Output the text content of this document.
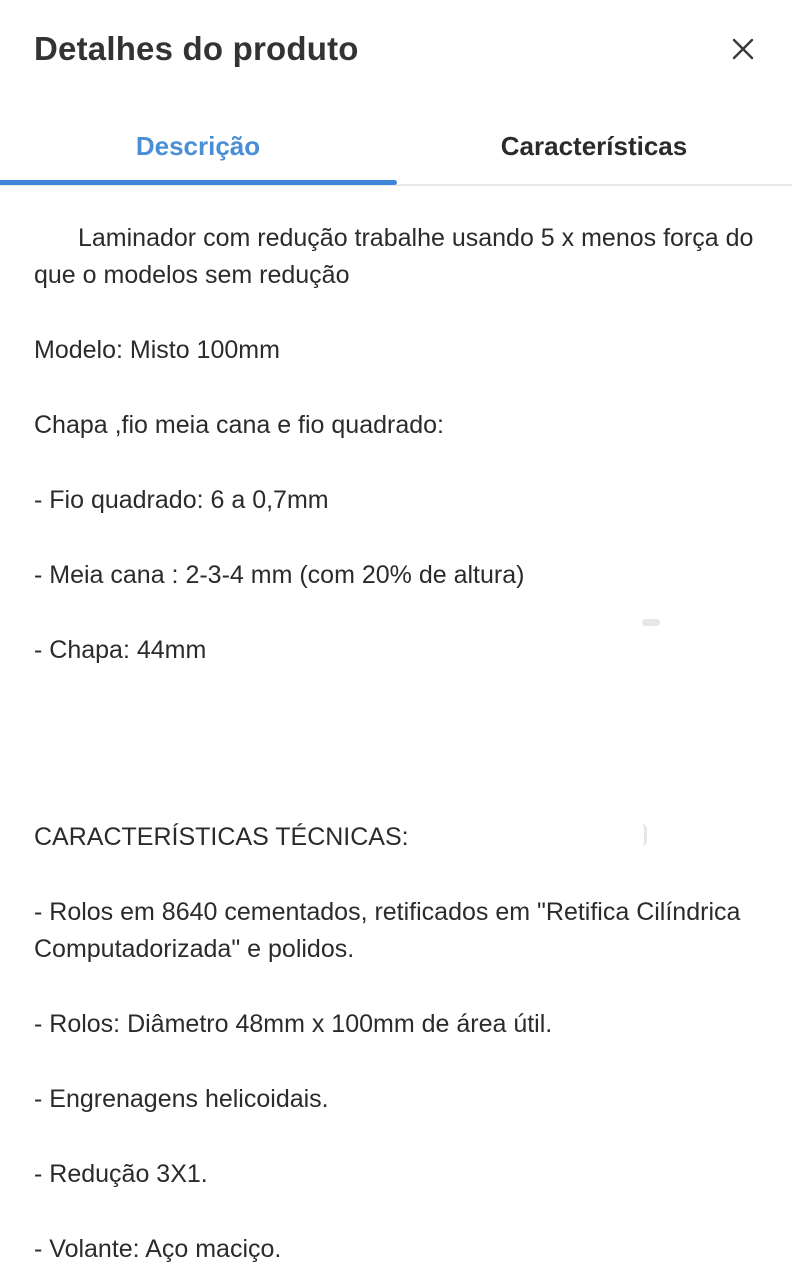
Detalhes do produto
Descrição	Características

Laminador com redução trabalhe usando 5 x menos força do que o modelos sem redução

Modelo: Misto 100mm

Chapa ,fio meia cana e fio quadrado:

- Fio quadrado: 6 a 0,7mm

- Meia cana : 2-3-4 mm (com 20% de altura)

- Chapa: 44mm

CARACTERÍSTICAS TÉCNICAS:

- Rolos em 8640 cementados, retificados em "Retifica Cilíndrica Computadorizada" e polidos.

- Rolos: Diâmetro 48mm x 100mm de área útil.

- Engrenagens helicoidais.

- Redução 3X1.

- Volante: Aço maciço.
